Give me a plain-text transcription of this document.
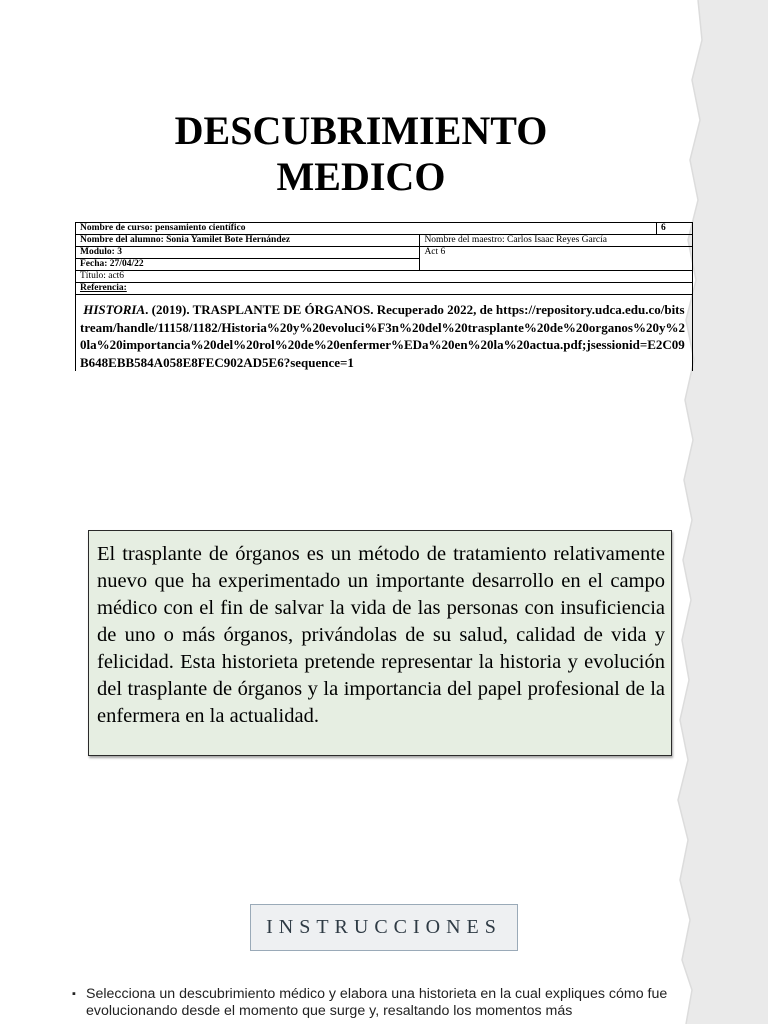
DESCUBRIMIENTO
MEDICO
Nombre de curso: pensamiento científico		6
Nombre del alumno: Sonia Yamilet Bote Hernández	Nombre del maestro: Carlos Isaac Reyes García	
Modulo: 3	Act 6	
Fecha: 27/04/22		
Título: act6		
Referencia:		

HISTORIA. (2019). TRASPLANTE DE ÓRGANOS. Recuperado 2022, de https://repository.udca.edu.co/bitstream/handle/11158/1182/Historia%20y%20evoluci%F3n%20del%20trasplante%20de%20organos%20y%20la%20importancia%20del%20rol%20de%20enfermer%EDa%20en%20la%20actua.pdf;jsessionid=E2C09B648EBB584A058E8FEC902AD5E6?sequence=1		
El trasplante de órganos es un método de tratamiento relativamente nuevo que ha experimentado un importante desarrollo en el campo médico con el fin de salvar la vida de las personas con insuficiencia de uno o más órganos, privándolas de su salud, calidad de vida y felicidad. Esta historieta pretende representar la historia y evolución del trasplante de órganos y la importancia del papel profesional de la enfermera en la actualidad.
INSTRUCCIONES
▪ Selecciona un descubrimiento médico y elabora una historieta en la cual expliques cómo fue evolucionando desde el momento que surge y, resaltando los momentos más
